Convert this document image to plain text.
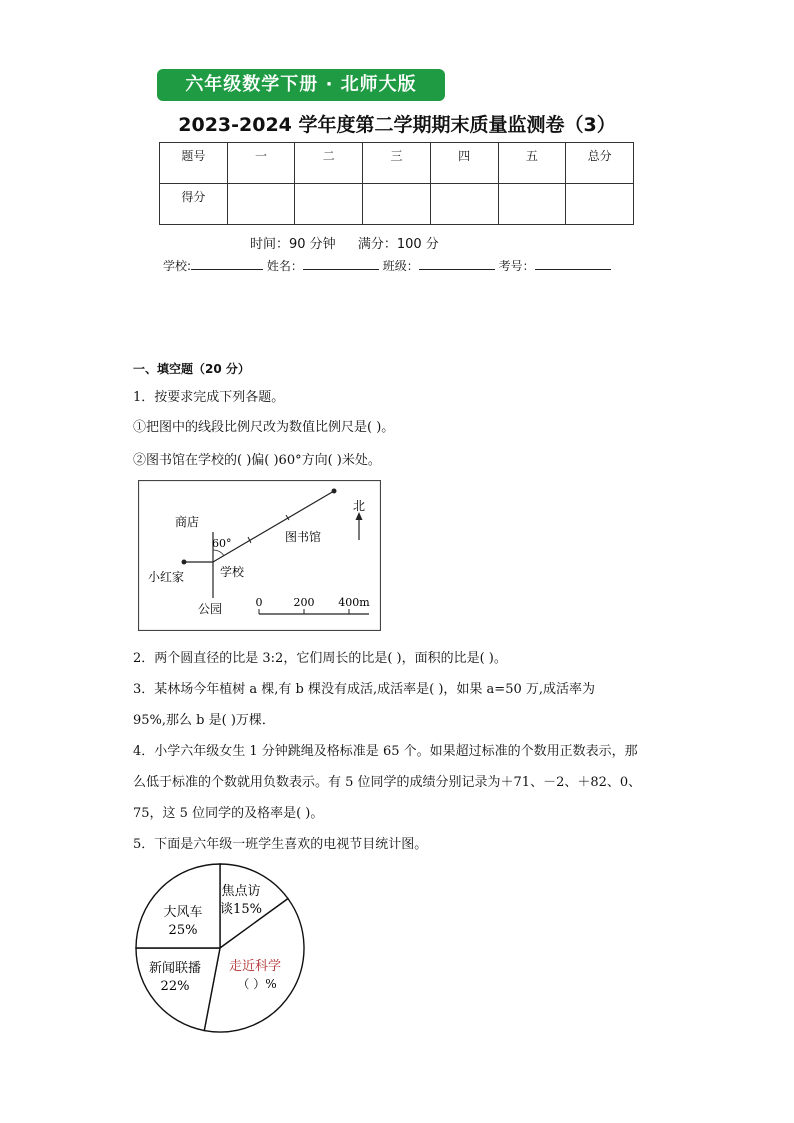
六年级数学下册 · 北师大版
2023-2024 学年度第二学期期末质量监测卷（3）
题号	一	二	三	四	五	总分
得分						
时间：90 分钟 满分：100 分
学校:	姓名：	班级：	考号：
一、填空题（20 分）
1．按要求完成下列各题。
①把图中的线段比例尺改为数值比例尺是( )。
②图书馆在学校的( )偏( )60°方向( )米处。
北
商店
60°	图书馆
小红家	学校
公园	0	200 400m
2．两个圆直径的比是 3:2，它们周长的比是( )，面积的比是( )。
3．某林场今年植树 a 棵,有 b 棵没有成活,成活率是( )，如果 a=50 万,成活率为
95%,那么 b 是( )万棵．
4．小学六年级女生 1 分钟跳绳及格标准是 65 个。如果超过标准的个数用正数表示，那
么低于标准的个数就用负数表示。有 5 位同学的成绩分别记录为＋71、－2、＋82、0、
75，这 5 位同学的及格率是( )。
5．下面是六年级一班学生喜欢的电视节目统计图。
焦点访
谈15%
大风车
25%
新闻联播
22%
走近科学
（ ）%
